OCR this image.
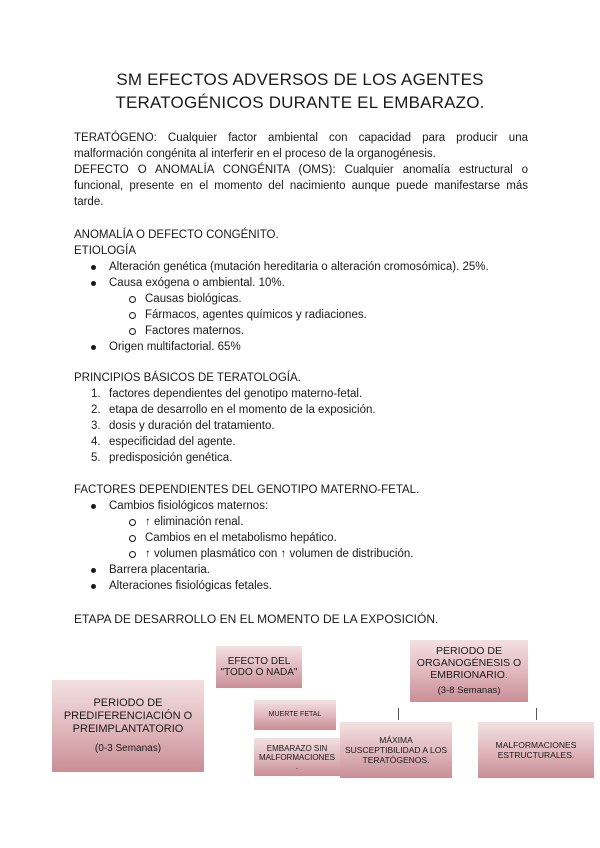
SM EFECTOS ADVERSOS DE LOS AGENTES
TERATOGÉNICOS DURANTE EL EMBARAZO.
TERATÓGENO: Cualquier factor ambiental con capacidad para producir una malformación congénita al interferir en el proceso de la organogénesis.
DEFECTO O ANOMALÍA CONGÉNITA (OMS): Cualquier anomalía estructural o funcional, presente en el momento del nacimiento aunque puede manifestarse más tarde.
ANOMALÍA O DEFECTO CONGÉNITO.
ETIOLOGÍA
Alteración genética (mutación hereditaria o alteración cromosómica). 25%.
Causa exógena o ambiental. 10%.
Causas biológicas.
Fármacos, agentes químicos y radiaciones.
Factores maternos.
Origen multifactorial. 65%
PRINCIPIOS BÁSICOS DE TERATOLOGÍA.
1. factores dependientes del genotipo materno-fetal.
2. etapa de desarrollo en el momento de la exposición.
3. dosis y duración del tratamiento.
4. especificidad del agente.
5. predisposición genética.
FACTORES DEPENDIENTES DEL GENOTIPO MATERNO-FETAL.
Cambios fisiológicos maternos:
↑ eliminación renal.
Cambios en el metabolismo hepático.
↑ volumen plasmático con ↑ volumen de distribución.
Barrera placentaria.
Alteraciones fisiológicas fetales.
ETAPA DE DESARROLLO EN EL MOMENTO DE LA EXPOSICIÓN.
PERIODO DE PREDIFERENCIACIÓN O PREIMPLANTATORIO
(0-3 Semanas)
EFECTO DEL "TODO O NADA"
MUERTE FETAL
EMBARAZO SIN MALFORMACIONES .
PERIODO DE ORGANOGÉNESIS O EMBRIONARIO.
(3-8 Semanas)
MÁXIMA SUSCEPTIBILIDAD A LOS TERATÓGENOS.
MALFORMACIONES ESTRUCTURALES.
